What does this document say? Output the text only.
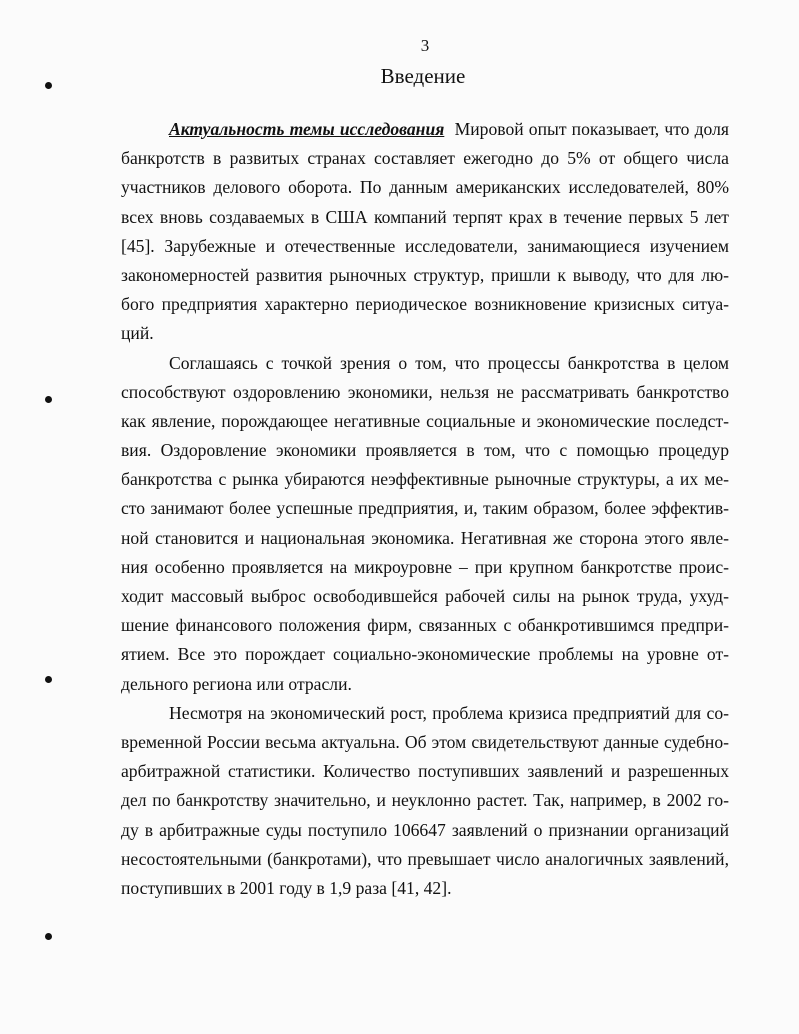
3
Введение
Актуальность темы исследования Мировой опыт показывает, что доля
банкротств в развитых странах составляет ежегодно до 5% от общего числа
участников делового оборота. По данным американских исследователей, 80%
всех вновь создаваемых в США компаний терпят крах в течение первых 5 лет
[45]. Зарубежные и отечественные исследователи, занимающиеся изучением
закономерностей развития рыночных структур, пришли к выводу, что для лю-
бого предприятия характерно периодическое возникновение кризисных ситуа-
ций.
Соглашаясь с точкой зрения о том, что процессы банкротства в целом
способствуют оздоровлению экономики, нельзя не рассматривать банкротство
как явление, порождающее негативные социальные и экономические последст-
вия. Оздоровление экономики проявляется в том, что с помощью процедур
банкротства с рынка убираются неэффективные рыночные структуры, а их ме-
сто занимают более успешные предприятия, и, таким образом, более эффектив-
ной становится и национальная экономика. Негативная же сторона этого явле-
ния особенно проявляется на микроуровне – при крупном банкротстве проис-
ходит массовый выброс освободившейся рабочей силы на рынок труда, ухуд-
шение финансового положения фирм, связанных с обанкротившимся предпри-
ятием. Все это порождает социально-экономические проблемы на уровне от-
дельного региона или отрасли.
Несмотря на экономический рост, проблема кризиса предприятий для со-
временной России весьма актуальна. Об этом свидетельствуют данные судебно-
арбитражной статистики. Количество поступивших заявлений и разрешенных
дел по банкротству значительно, и неуклонно растет. Так, например, в 2002 го-
ду в арбитражные суды поступило 106647 заявлений о признании организаций
несостоятельными (банкротами), что превышает число аналогичных заявлений,
поступивших в 2001 году в 1,9 раза [41, 42].
